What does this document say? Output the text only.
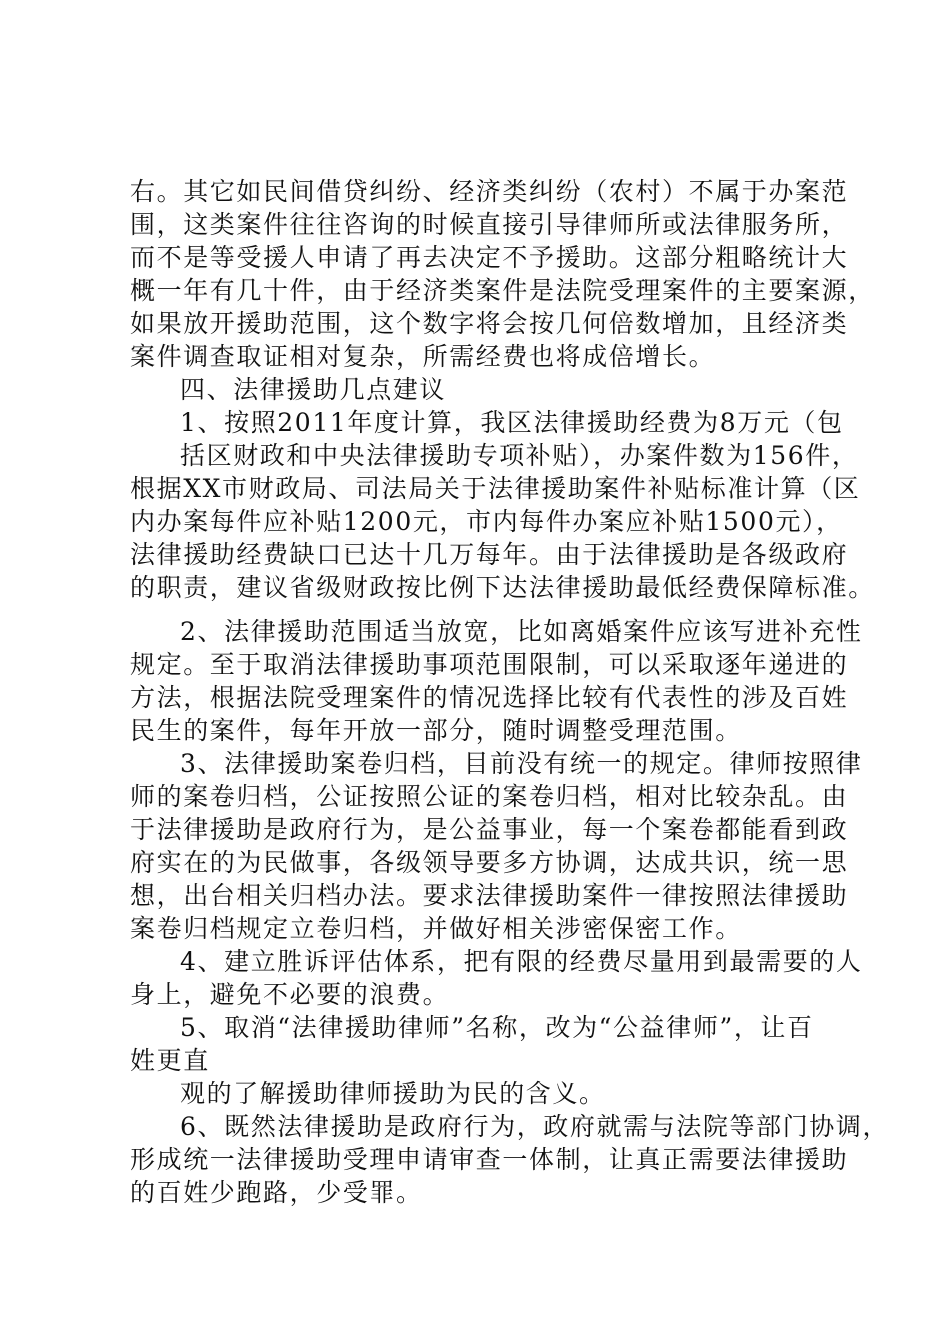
右。其它如民间借贷纠纷、经济类纠纷（农村）不属于办案范
围，这类案件往往咨询的时候直接引导律师所或法律服务所，
而不是等受援人申请了再去决定不予援助。这部分粗略统计大
概一年有几十件，由于经济类案件是法院受理案件的主要案源，
如果放开援助范围，这个数字将会按几何倍数增加，且经济类
案件调查取证相对复杂，所需经费也将成倍增长。
四、法律援助几点建议
1、按照2011年度计算，我区法律援助经费为8万元（包
括区财政和中央法律援助专项补贴），办案件数为156件，
根据XX市财政局、司法局关于法律援助案件补贴标准计算（区
内办案每件应补贴1200元，市内每件办案应补贴1500元），
法律援助经费缺口已达十几万每年。由于法律援助是各级政府
的职责，建议省级财政按比例下达法律援助最低经费保障标准。
2、法律援助范围适当放宽，比如离婚案件应该写进补充性
规定。至于取消法律援助事项范围限制，可以采取逐年递进的
方法，根据法院受理案件的情况选择比较有代表性的涉及百姓
民生的案件，每年开放一部分，随时调整受理范围。
3、法律援助案卷归档，目前没有统一的规定。律师按照律
师的案卷归档，公证按照公证的案卷归档，相对比较杂乱。由
于法律援助是政府行为，是公益事业，每一个案卷都能看到政
府实在的为民做事，各级领导要多方协调，达成共识，统一思
想，出台相关归档办法。要求法律援助案件一律按照法律援助
案卷归档规定立卷归档，并做好相关涉密保密工作。
4、建立胜诉评估体系，把有限的经费尽量用到最需要的人
身上，避免不必要的浪费。
5、取消“法律援助律师”名称，改为“公益律师”，让百
姓更直
观的了解援助律师援助为民的含义。
6、既然法律援助是政府行为，政府就需与法院等部门协调，
形成统一法律援助受理申请审查一体制，让真正需要法律援助
的百姓少跑路，少受罪。
